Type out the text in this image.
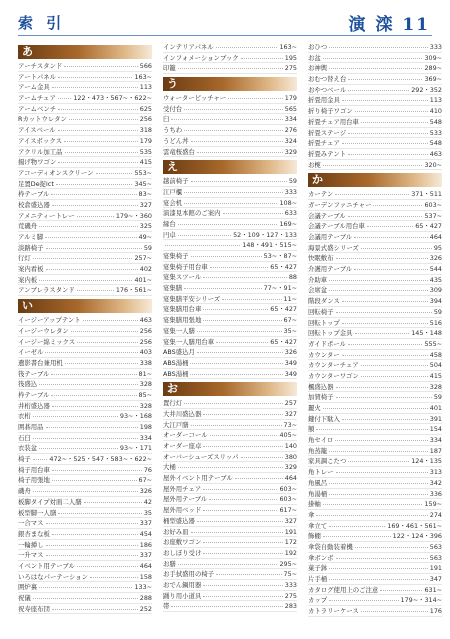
索 引	演 滦 11
あ
アーチスタンド	566
アートパネル	163~
アーム金具	113
アームチェア	122・473・567~・622~
アームベンチ	625
Rカットウレタン	256
アイスベール	318
アイスボックス	179
アクリル加工品	535
揚げ物ワゴン	415
アコーディオンスクリーン	553~
足置De捉ict	345~
枠テーブル	83~
校倉盛込器	327
アメニティートレー	179~・360
荒磯舟	325
アルミ脚	49~
淡路椅子	59
行灯	257~
案内看板	402
案内板	401~
アンブレラスタンド	176・561~
い
イージーアップテント	463
イージーウレタン	256
イージー綿ミックス	256
イーゼル	403
遺影書台兼用机	338
筏テーブル	81~
筏盛込	328
枠テーブル	85~
井桁盛込器	328
衣桁	93~・168
囲碁用品	198
石臼	334
衣装盆	93~・171
椅子	472~・525・547・583~・622~
椅子用台車	76
椅子用張地	67~
磯舟	326
板脚タイプ対面二人膳	42
板型脚一人膳	35
一合マス	337
銀杏まな板	454
一輪挿し	186
一升マス	337
イベント用テーブル	464
いろはなパーテーション	158
囲炉裏	133~
祝儀	288
祝寿座布団	252
インテリアパネル	163~
インフォメーションブック	195
印籠	275
う
ウォーターピッチャー	179
受付台	565
臼	334
うちわ	276
うどん丼	324
雲竜桜盛台	329
え
越前椅子	59
江戸櫃	333
宴会机	108~
演漆見本館のご案内	633
縁台	169~
円卓	52・109・127・133
148・491・515~
宴集椅子	53~・87~
宴集椅子用台車	65・427
宴集スツール	88
宴集膳	77~・91~
宴集膳平安シリーズ	11~
宴集膳用台車	65・427
宴集膳用張地	67~
宴集一人膳	35~
宴集一人膳用台車	65・427
ABS盛込月	326
ABS湯桶	349
ABS湯桶	349
お
置行灯	257
大井川盛込器	327
大江戸膳	73~
オーダーコール	405~
オーダー座卓	140
オーバーシューズスリッパ	380
大桶	329
屋外イベント用テーブル	464
屋外用チェア	603~
屋外用テーブル	603~
屋外用ベッド	617~
桶型盛込器	327
お好み皿	191
お座敷ワゴン	172
おしぼり受け	192
お膳	295~
お手拭盛用の椅子	75~
おでん鍋用器	333
踊り用小道具	275
帯	283
おひつ	333
お盆	309~
お神輿	289~
おむつ替え台	369~
おやつベール	292・352
折畳用金具	113
折り椅子ワゴン	410
折畳チェア用台車	548
折畳ステージ	533
折畳チェア	548
折畳みテント	463
お椀	320~
か
カーテン	371・511
ガーデンファニチャー	603~
会議テーブル	537~
会議テーブル用台車	65・427
会議用テーブル	464
海景式盛シリーズ	95
快眠敷布	326
介護用テーブル	544
介助車	435
会席盆	309
階段ダンス	394
回転椅子	59
回転トップ	516
回転トップ金具	145・148
ガイドポール	555~
カウンター	458
カウンターチェア	504
カウンターワゴン	415
楓盛込器	328
加賀椅子	59
麗火	401
鍵付下駄入	391
額	154
角セイロ	334
角蒸籠	187
家具調こたつ	124・135
角トレー	313
角風呂	342
角湯桶	336
掛軸	159~
傘	274
傘立て	169・461・561~
飾棚	122・124・396
傘袋自動装着機	563
傘ボンボ	563
菓子鉢	191
片手桶	347
カタログ使用上のご注意	631~
カップ	179~・314~
カトラリーケース	176
